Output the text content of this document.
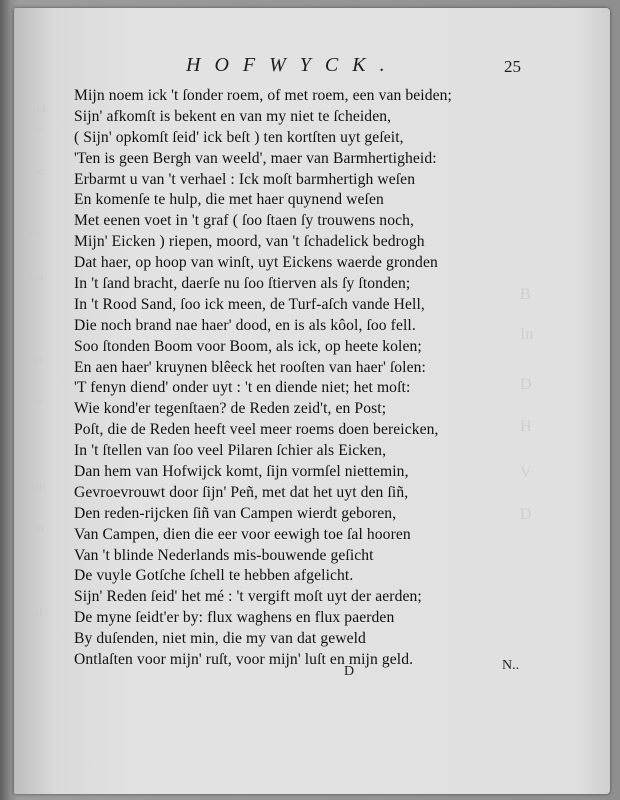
Vier
Die
Soo
Op
Om
In
Dat
Die
Hy
Dan
Van
Dat
B
In
D
H
V
D
HOFWYCK.	25
Mijn noem ick 't ſonder roem, of met roem, een van beiden;
Sijn' afkomſt is bekent en van my niet te ſcheiden,
( Sijn' opkomſt ſeid' ick beſt ) ten kortſten uyt geſeit,
'Ten is geen Bergh van weeld', maer van Barmhertigheid:
Erbarmt u van 't verhael : Ick moſt barmhertigh weſen
En komenſe te hulp, die met haer quynend weſen
Met eenen voet in 't graf ( ſoo ſtaen ſy trouwens noch,
Mijn' Eicken ) riepen, moord, van 't ſchadelick bedrogh
Dat haer, op hoop van winſt, uyt Eickens waerde gronden
In 't ſand bracht, daerſe nu ſoo ſtierven als ſy ſtonden;
In 't Rood Sand, ſoo ick meen, de Turf-aſch vande Hell,
Die noch brand nae haer' dood, en is als kôol, ſoo fell.
Soo ſtonden Boom voor Boom, als ick, op heete kolen;
En aen haer' kruynen blêeck het rooſten van haer' ſolen:
'T fenyn diend' onder uyt : 't en diende niet; het moſt:
Wie kond'er tegenſtaen? de Reden zeid't, en Post;
Poſt, die de Reden heeft veel meer roems doen bereicken,
In 't ſtellen van ſoo veel Pilaren ſchier als Eicken,
Dan hem van Hofwijck komt, ſijn vormſel niettemin,
Gevroevrouwt door ſijn' Peñ, met dat het uyt den ſiñ,
Den reden-rijcken ſiñ van Campen wierdt geboren,
Van Campen, dien die eer voor eewigh toe ſal hooren
Van 't blinde Nederlands mis-bouwende geſicht
De vuyle Gotſche ſchell te hebben afgelicht.
Sijn' Reden ſeid' het mé : 't vergift moſt uyt der aerden;
De myne ſeidt'er by: flux waghens en flux paerden
By duſenden, niet min, die my van dat geweld
Ontlaſten voor mijn' ruſt, voor mijn' luſt en mijn geld.
D	N..
